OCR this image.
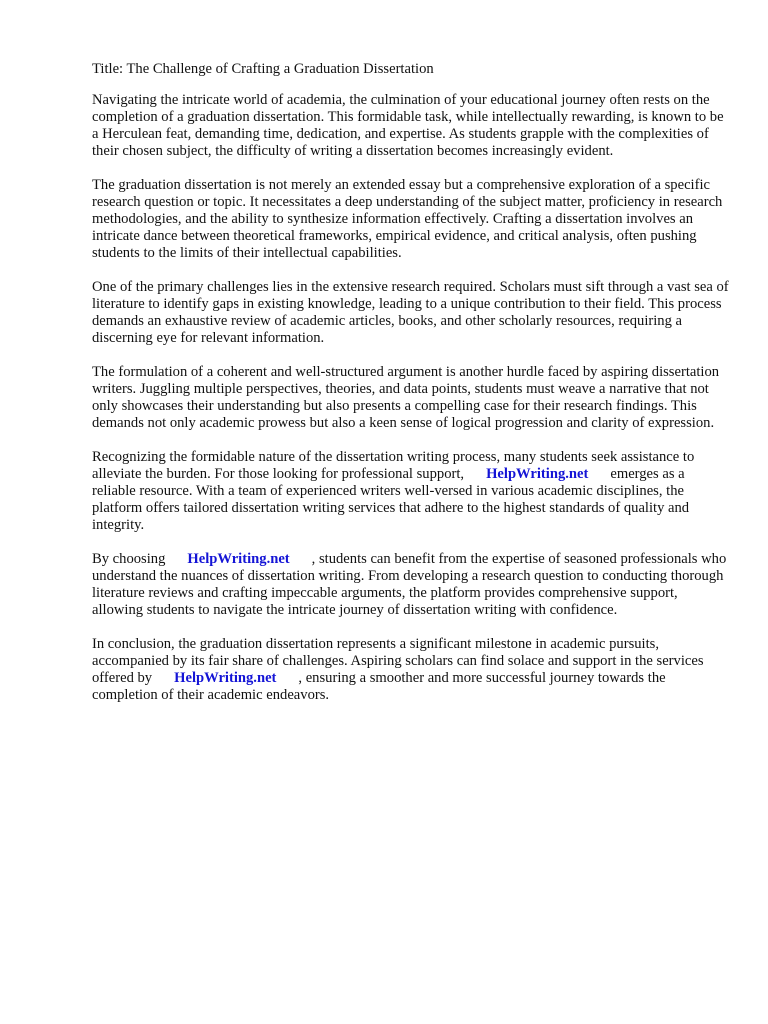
Title: The Challenge of Crafting a Graduation Dissertation

Navigating the intricate world of academia, the culmination of your educational journey often rests on the completion of a graduation dissertation. This formidable task, while intellectually rewarding, is known to be a Herculean feat, demanding time, dedication, and expertise. As students grapple with the complexities of their chosen subject, the difficulty of writing a dissertation becomes increasingly evident.

The graduation dissertation is not merely an extended essay but a comprehensive exploration of a specific research question or topic. It necessitates a deep understanding of the subject matter, proficiency in research methodologies, and the ability to synthesize information effectively. Crafting a dissertation involves an intricate dance between theoretical frameworks, empirical evidence, and critical analysis, often pushing students to the limits of their intellectual capabilities.

One of the primary challenges lies in the extensive research required. Scholars must sift through a vast sea of literature to identify gaps in existing knowledge, leading to a unique contribution to their field. This process demands an exhaustive review of academic articles, books, and other scholarly resources, requiring a discerning eye for relevant information.

The formulation of a coherent and well-structured argument is another hurdle faced by aspiring dissertation writers. Juggling multiple perspectives, theories, and data points, students must weave a narrative that not only showcases their understanding but also presents a compelling case for their research findings. This demands not only academic prowess but also a keen sense of logical progression and clarity of expression.

Recognizing the formidable nature of the dissertation writing process, many students seek assistance to alleviate the burden. For those looking for professional support, HelpWriting.net emerges as a reliable resource. With a team of experienced writers well-versed in various academic disciplines, the platform offers tailored dissertation writing services that adhere to the highest standards of quality and integrity.

By choosing HelpWriting.net , students can benefit from the expertise of seasoned professionals who understand the nuances of dissertation writing. From developing a research question to conducting thorough literature reviews and crafting impeccable arguments, the platform provides comprehensive support, allowing students to navigate the intricate journey of dissertation writing with confidence.

In conclusion, the graduation dissertation represents a significant milestone in academic pursuits, accompanied by its fair share of challenges. Aspiring scholars can find solace and support in the services offered by HelpWriting.net , ensuring a smoother and more successful journey towards the completion of their academic endeavors.
